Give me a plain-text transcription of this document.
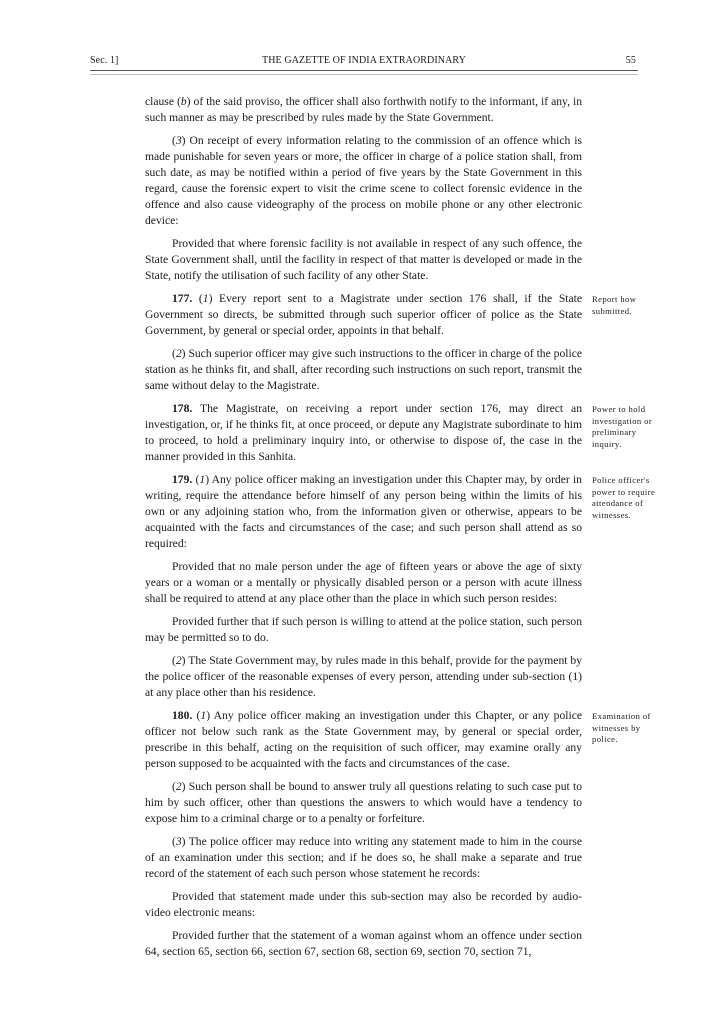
Sec. 1]	THE GAZETTE OF INDIA EXTRAORDINARY	55

clause (b) of the said proviso, the officer shall also forthwith notify to the informant, if any, in such manner as may be prescribed by rules made by the State Government.

(3) On receipt of every information relating to the commission of an offence which is made punishable for seven years or more, the officer in charge of a police station shall, from such date, as may be notified within a period of five years by the State Government in this regard, cause the forensic expert to visit the crime scene to collect forensic evidence in the offence and also cause videography of the process on mobile phone or any other electronic device:

Provided that where forensic facility is not available in respect of any such offence, the State Government shall, until the facility in respect of that matter is developed or made in the State, notify the utilisation of such facility of any other State.

177. (1) Every report sent to a Magistrate under section 176 shall, if the State Government so directs, be submitted through such superior officer of police as the State Government, by general or special order, appoints in that behalf.

(2) Such superior officer may give such instructions to the officer in charge of the police station as he thinks fit, and shall, after recording such instructions on such report, transmit the same without delay to the Magistrate.

178. The Magistrate, on receiving a report under section 176, may direct an investigation, or, if he thinks fit, at once proceed, or depute any Magistrate subordinate to him to proceed, to hold a preliminary inquiry into, or otherwise to dispose of, the case in the manner provided in this Sanhita.

179. (1) Any police officer making an investigation under this Chapter may, by order in writing, require the attendance before himself of any person being within the limits of his own or any adjoining station who, from the information given or otherwise, appears to be acquainted with the facts and circumstances of the case; and such person shall attend as so required:

Provided that no male person under the age of fifteen years or above the age of sixty years or a woman or a mentally or physically disabled person or a person with acute illness shall be required to attend at any place other than the place in which such person resides:

Provided further that if such person is willing to attend at the police station, such person may be permitted so to do.

(2) The State Government may, by rules made in this behalf, provide for the payment by the police officer of the reasonable expenses of every person, attending under sub-section (1) at any place other than his residence.

180. (1) Any police officer making an investigation under this Chapter, or any police officer not below such rank as the State Government may, by general or special order, prescribe in this behalf, acting on the requisition of such officer, may examine orally any person supposed to be acquainted with the facts and circumstances of the case.

(2) Such person shall be bound to answer truly all questions relating to such case put to him by such officer, other than questions the answers to which would have a tendency to expose him to a criminal charge or to a penalty or forfeiture.

(3) The police officer may reduce into writing any statement made to him in the course of an examination under this section; and if he does so, he shall make a separate and true record of the statement of each such person whose statement he records:

Provided that statement made under this sub-section may also be recorded by audio-video electronic means:

Provided further that the statement of a woman against whom an offence under section 64, section 65, section 66, section 67, section 68, section 69, section 70, section 71,

Report how submitted.
Power to hold investigation or preliminary inquiry.
Police officer's power to require attendance of witnesses.
Examination of witnesses by police.
